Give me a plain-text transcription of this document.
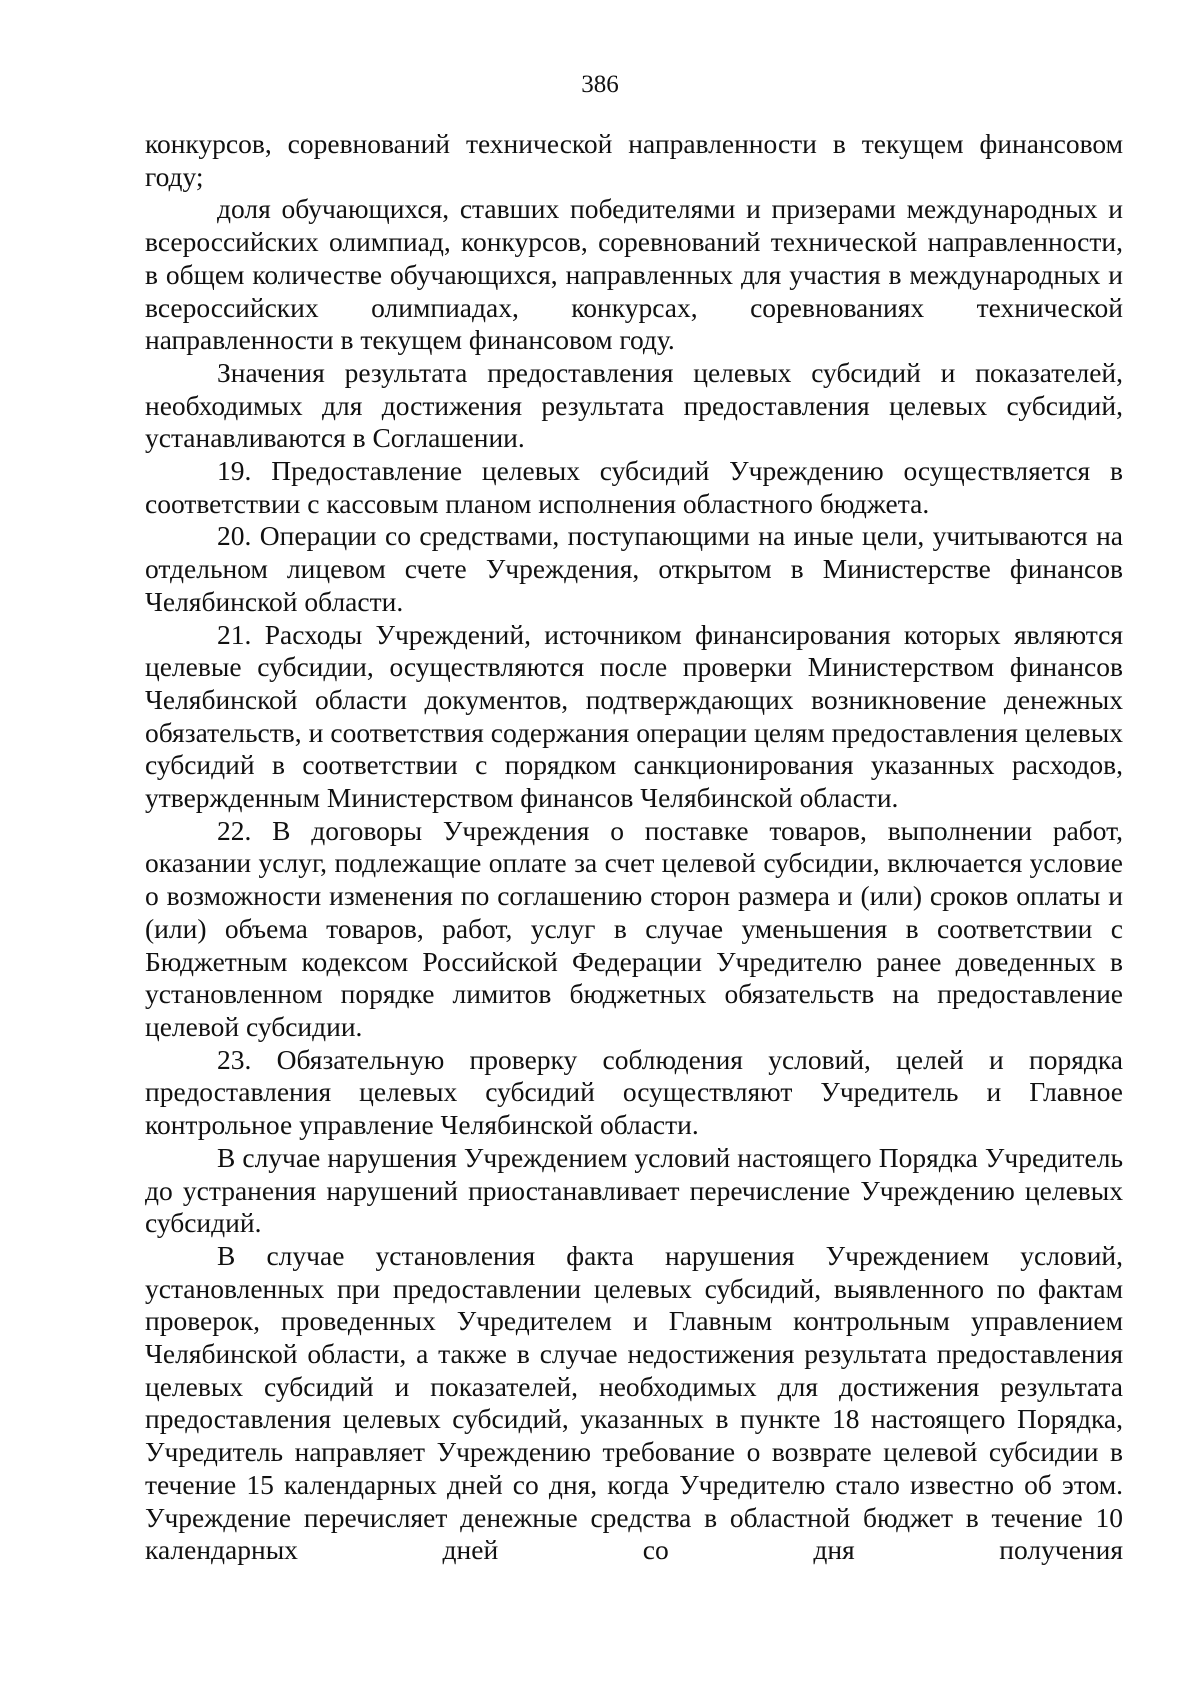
386

конкурсов, соревнований технической направленности в текущем финансовом году;

доля обучающихся, ставших победителями и призерами международных и всероссийских олимпиад, конкурсов, соревнований технической направленности, в общем количестве обучающихся, направленных для участия в международных и всероссийских олимпиадах, конкурсах, соревнованиях технической направленности в текущем финансовом году.

Значения результата предоставления целевых субсидий и показателей, необходимых для достижения результата предоставления целевых субсидий, устанавливаются в Соглашении.

19. Предоставление целевых субсидий Учреждению осуществляется в соответствии с кассовым планом исполнения областного бюджета.

20. Операции со средствами, поступающими на иные цели, учитываются на отдельном лицевом счете Учреждения, открытом в Министерстве финансов Челябинской области.

21. Расходы Учреждений, источником финансирования которых являются целевые субсидии, осуществляются после проверки Министерством финансов Челябинской области документов, подтверждающих возникновение денежных обязательств, и соответствия содержания операции целям предоставления целевых субсидий в соответствии с порядком санкционирования указанных расходов, утвержденным Министерством финансов Челябинской области.

22. В договоры Учреждения о поставке товаров, выполнении работ, оказании услуг, подлежащие оплате за счет целевой субсидии, включается условие о возможности изменения по соглашению сторон размера и (или) сроков оплаты и (или) объема товаров, работ, услуг в случае уменьшения в соответствии с Бюджетным кодексом Российской Федерации Учредителю ранее доведенных в установленном порядке лимитов бюджетных обязательств на предоставление целевой субсидии.

23. Обязательную проверку соблюдения условий, целей и порядка предоставления целевых субсидий осуществляют Учредитель и Главное контрольное управление Челябинской области.

В случае нарушения Учреждением условий настоящего Порядка Учредитель до устранения нарушений приостанавливает перечисление Учреждению целевых субсидий.

В случае установления факта нарушения Учреждением условий, установленных при предоставлении целевых субсидий, выявленного по фактам проверок, проведенных Учредителем и Главным контрольным управлением Челябинской области, а также в случае недостижения результата предоставления целевых субсидий и показателей, необходимых для достижения результата предоставления целевых субсидий, указанных в пункте 18 настоящего Порядка, Учредитель направляет Учреждению требование о возврате целевой субсидии в течение 15 календарных дней со дня, когда Учредителю стало известно об этом. Учреждение перечисляет денежные средства в областной бюджет в течение 10 календарных дней со дня получения
